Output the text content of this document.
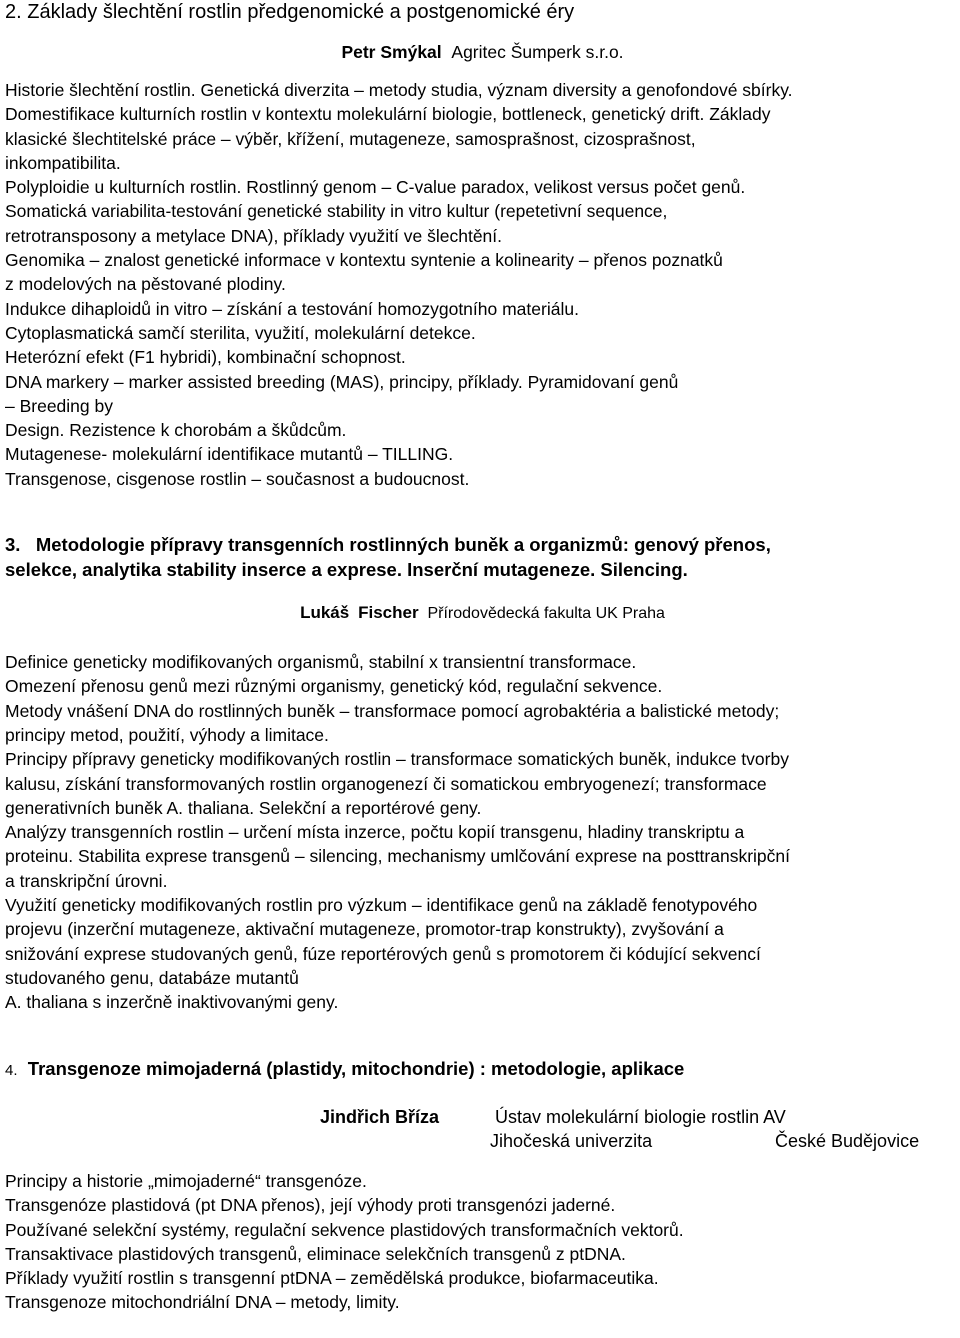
2. Základy šlechtění rostlin předgenomické a postgenomické éry
Petr Smýkal Agritec Šumperk s.r.o.

Historie šlechtění rostlin. Genetická diverzita – metody studia, význam diversity a genofondové sbírky.

Domestifikace kulturních rostlin v kontextu molekulární biologie, bottleneck, genetický drift. Základy

klasické šlechtitelské práce – výběr, křížení, mutageneze, samosprašnost, cizosprašnost,

inkompatibilita.

Polyploidie u kulturních rostlin. Rostlinný genom – C-value paradox, velikost versus počet genů.

Somatická variabilita-testování genetické stability in vitro kultur (repetetivní sequence,

retrotransposony a metylace DNA), příklady využití ve šlechtění.

Genomika – znalost genetické informace v kontextu syntenie a kolinearity – přenos poznatků

z modelových na pěstované plodiny.

Indukce dihaploidů in vitro – získání a testování homozygotního materiálu.

Cytoplasmatická samčí sterilita, využití, molekulární detekce.

Heterózní efekt (F1 hybridi), kombinační schopnost.

DNA markery – marker assisted breeding (MAS), principy, příklady. Pyramidovaní genů

– Breeding by

Design. Rezistence k chorobám a škůdcům.

Mutagenese- molekulární identifikace mutantů – TILLING.

Transgenose, cisgenose rostlin – současnost a budoucnost.

3. Metodologie přípravy transgenních rostlinných buněk a organizmů: genový přenos,
selekce, analytika stability inserce a exprese. Inserční mutageneze. Silencing.
Lukáš Fischer Přírodovědecká fakulta UK Praha

Definice geneticky modifikovaných organismů, stabilní x transientní transformace.

Omezení přenosu genů mezi různými organismy, genetický kód, regulační sekvence.

Metody vnášení DNA do rostlinných buněk – transformace pomocí agrobaktéria a balistické metody;

principy metod, použití, výhody a limitace.

Principy přípravy geneticky modifikovaných rostlin – transformace somatických buněk, indukce tvorby

kalusu, získání transformovaných rostlin organogenezí či somatickou embryogenezí; transformace

generativních buněk A. thaliana. Selekční a reportérové geny.

Analýzy transgenních rostlin – určení místa inzerce, počtu kopií transgenu, hladiny transkriptu a

proteinu. Stabilita exprese transgenů – silencing, mechanismy umlčování exprese na posttranskripční

a transkripční úrovni.

Využití geneticky modifikovaných rostlin pro výzkum – identifikace genů na základě fenotypového

projevu (inzerční mutageneze, aktivační mutageneze, promotor-trap konstrukty), zvyšování a

snižování exprese studovaných genů, fúze reportérových genů s promotorem či kódující sekvencí

studovaného genu, databáze mutantů

A. thaliana s inzerčně inaktivovanými geny.

4. Transgenoze mimojaderná (plastidy, mitochondrie) : metodologie, aplikace
Jindřich Bříza	Ústav molekulární biologie rostlin AV
Jihočeská univerzita	České Budějovice

Principy a historie „mimojaderné“ transgenóze.

Transgenóze plastidová (pt DNA přenos), její výhody proti transgenózi jaderné.

Používané selekční systémy, regulační sekvence plastidových transformačních vektorů.

Transaktivace plastidových transgenů, eliminace selekčních transgenů z ptDNA.

Příklady využití rostlin s transgenní ptDNA – zemědělská produkce, biofarmaceutika.

Transgenoze mitochondriální DNA – metody, limity.
